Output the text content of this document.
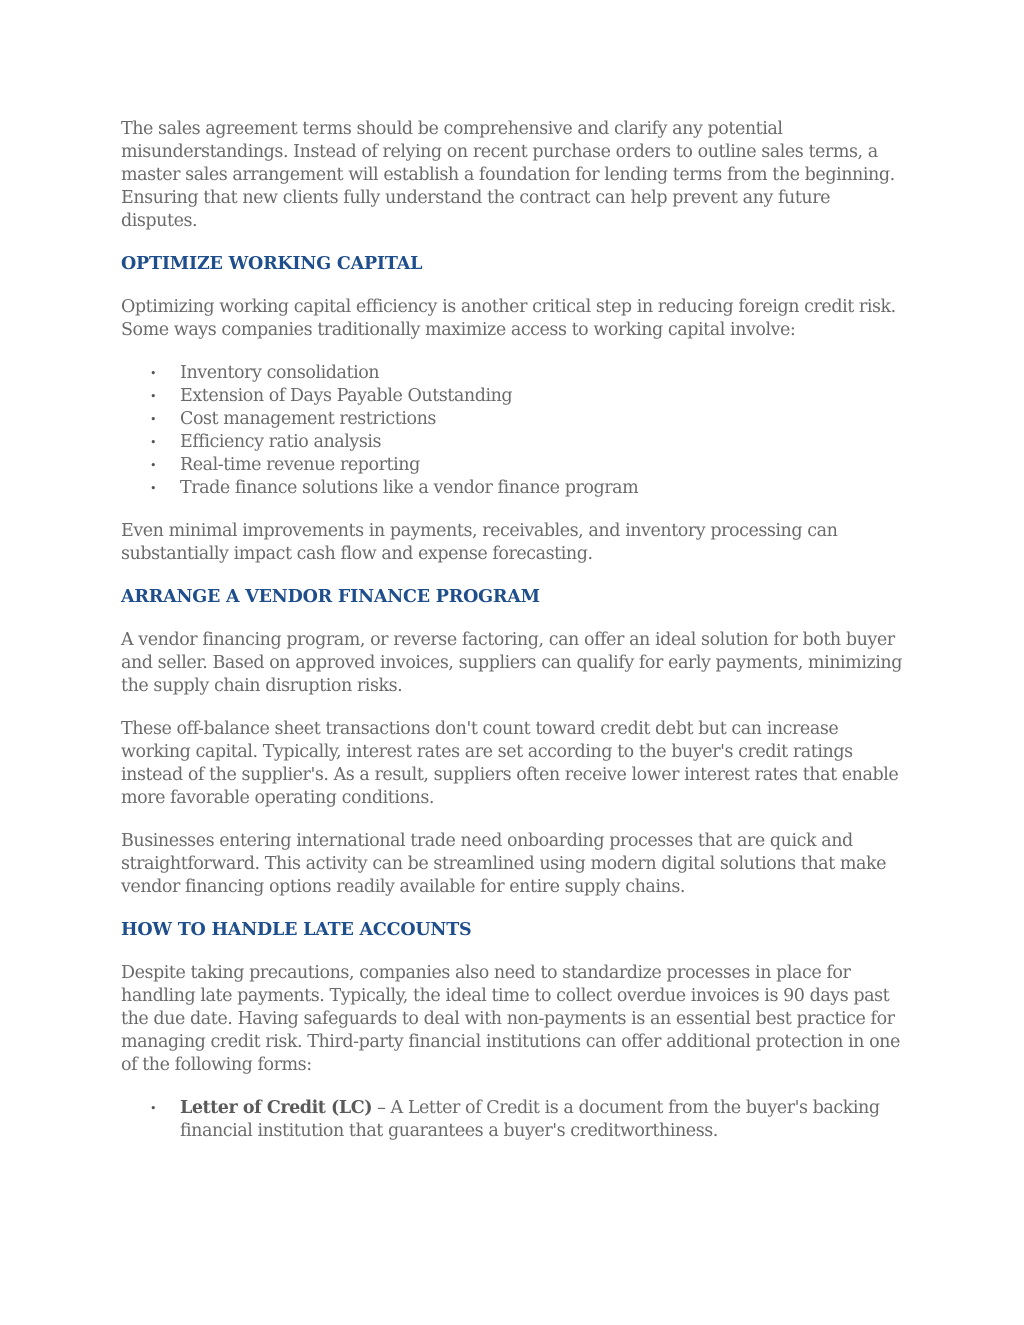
The sales agreement terms should be comprehensive and clarify any potential misunderstandings. Instead of relying on recent purchase orders to outline sales terms, a master sales arrangement will establish a foundation for lending terms from the beginning. Ensuring that new clients fully understand the contract can help prevent any future disputes.

OPTIMIZE WORKING CAPITAL

Optimizing working capital efficiency is another critical step in reducing foreign credit risk. Some ways companies traditionally maximize access to working capital involve:

• Inventory consolidation
• Extension of Days Payable Outstanding
• Cost management restrictions
• Efficiency ratio analysis
• Real-time revenue reporting
• Trade finance solutions like a vendor finance program

Even minimal improvements in payments, receivables, and inventory processing can substantially impact cash flow and expense forecasting.

ARRANGE A VENDOR FINANCE PROGRAM

A vendor financing program, or reverse factoring, can offer an ideal solution for both buyer and seller. Based on approved invoices, suppliers can qualify for early payments, minimizing the supply chain disruption risks.

These off-balance sheet transactions don't count toward credit debt but can increase working capital. Typically, interest rates are set according to the buyer's credit ratings instead of the supplier's. As a result, suppliers often receive lower interest rates that enable more favorable operating conditions.

Businesses entering international trade need onboarding processes that are quick and straightforward. This activity can be streamlined using modern digital solutions that make vendor financing options readily available for entire supply chains.

HOW TO HANDLE LATE ACCOUNTS

Despite taking precautions, companies also need to standardize processes in place for handling late payments. Typically, the ideal time to collect overdue invoices is 90 days past the due date. Having safeguards to deal with non-payments is an essential best practice for managing credit risk. Third-party financial institutions can offer additional protection in one of the following forms:

• Letter of Credit (LC) – A Letter of Credit is a document from the buyer's backing financial institution that guarantees a buyer's creditworthiness.
